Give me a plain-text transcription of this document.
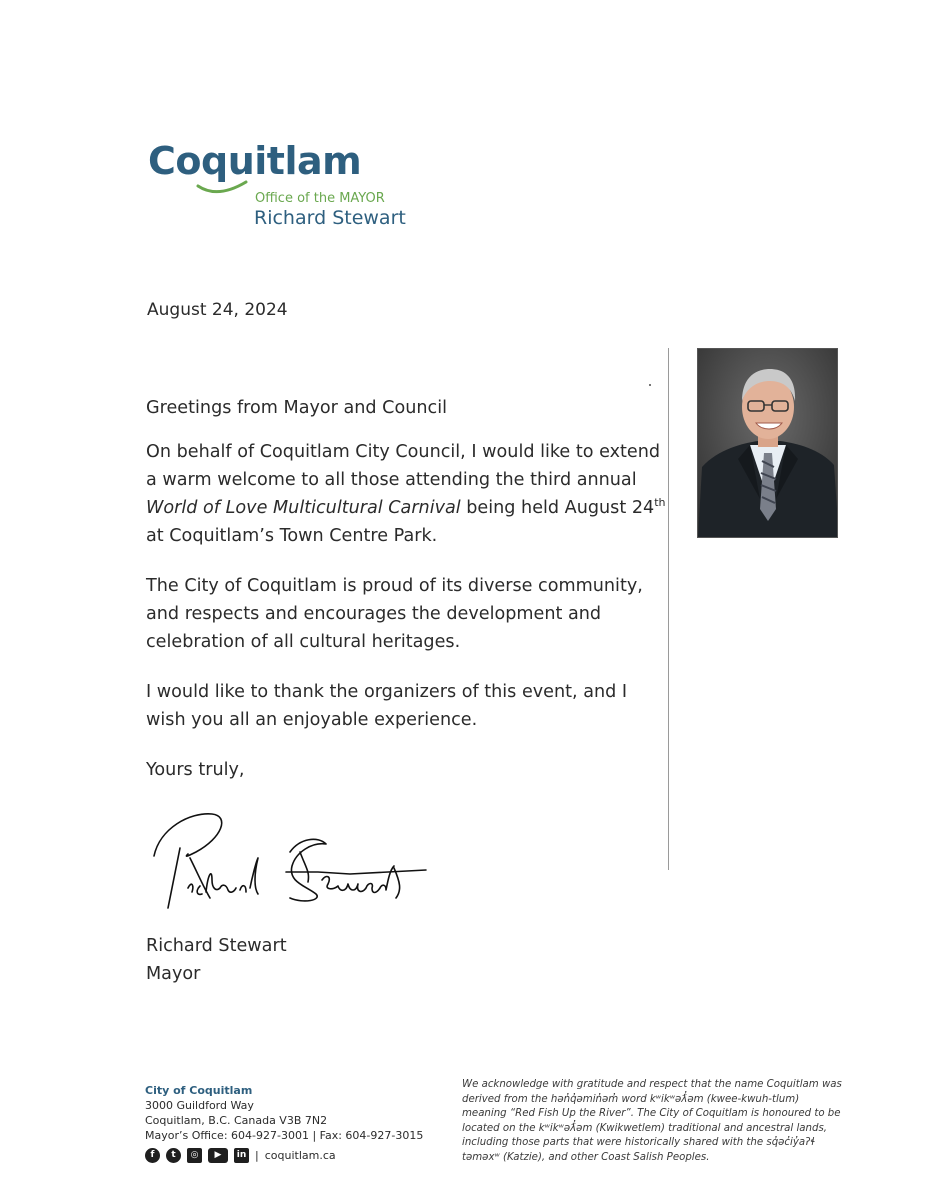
Coquitlam
Office of the MAYOR
Richard Stewart
August 24, 2024

Greetings from Mayor and Council

On behalf of Coquitlam City Council, I would like to extend a warm welcome to all those attending the third annual World of Love Multicultural Carnival being held August 24th at Coquitlam’s Town Centre Park.

The City of Coquitlam is proud of its diverse community, and respects and encourages the development and celebration of all cultural heritages.

I would like to thank the organizers of this event, and I wish you all an enjoyable experience.

Yours truly,

Richard Stewart
Mayor
City of Coquitlam
3000 Guildford Way
Coquitlam, B.C. Canada V3B 7N2
Mayor’s Office: 604-927-3001 | Fax: 604-927-3015
f	t	◎	▶	in | coquitlam.ca
We acknowledge with gratitude and respect that the name Coquitlam was derived from the hən̓q̓əmin̓əm̓ word kʷikʷəƛ̓əm (kwee-kwuh-tlum) meaning “Red Fish Up the River”. The City of Coquitlam is honoured to be located on the kʷikʷəƛ̓əm (Kwikwetlem) traditional and ancestral lands, including those parts that were historically shared with the sq̓əc̓iy̓aʔɬ təməxʷ (Katzie), and other Coast Salish Peoples.
